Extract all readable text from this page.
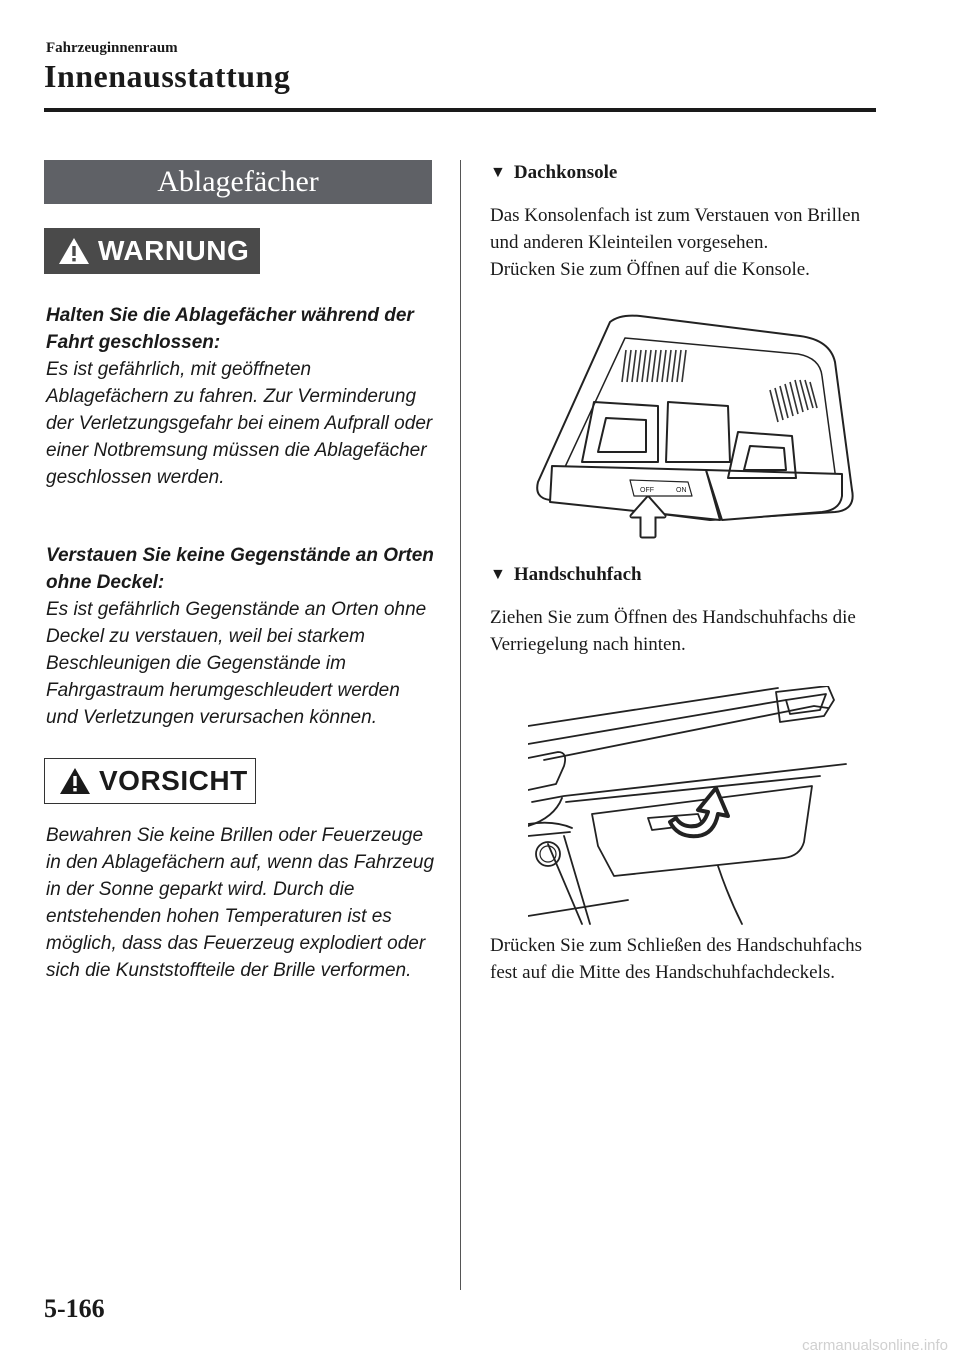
Fahrzeuginnenraum
Innenausstattung
Ablagefächer
WARNUNG
Halten Sie die Ablagefächer während der Fahrt geschlossen:

Es ist gefährlich, mit geöffneten Ablagefächern zu fahren. Zur Verminderung der Verletzungsgefahr bei einem Aufprall oder einer Notbremsung müssen die Ablagefächer geschlossen werden.

Verstauen Sie keine Gegenstände an Orten ohne Deckel:

Es ist gefährlich Gegenstände an Orten ohne Deckel zu verstauen, weil bei starkem Beschleunigen die Gegenstände im Fahrgastraum herumgeschleudert werden und Verletzungen verursachen können.

VORSICHT

Bewahren Sie keine Brillen oder Feuerzeuge in den Ablagefächern auf, wenn das Fahrzeug in der Sonne geparkt wird. Durch die entstehenden hohen Temperaturen ist es möglich, dass das Feuerzeug explodiert oder sich die Kunststoffteile der Brille verformen.

▼ Dachkonsole

Das Konsolenfach ist zum Verstauen von Brillen und anderen Kleinteilen vorgesehen.

Drücken Sie zum Öffnen auf die Konsole.

OFF	ON
▼ Handschuhfach
Ziehen Sie zum Öffnen des Handschuhfachs die Verriegelung nach hinten.
Drücken Sie zum Schließen des Handschuhfachs fest auf die Mitte des Handschuhfachdeckels.
5-166
carmanualsonline.info
